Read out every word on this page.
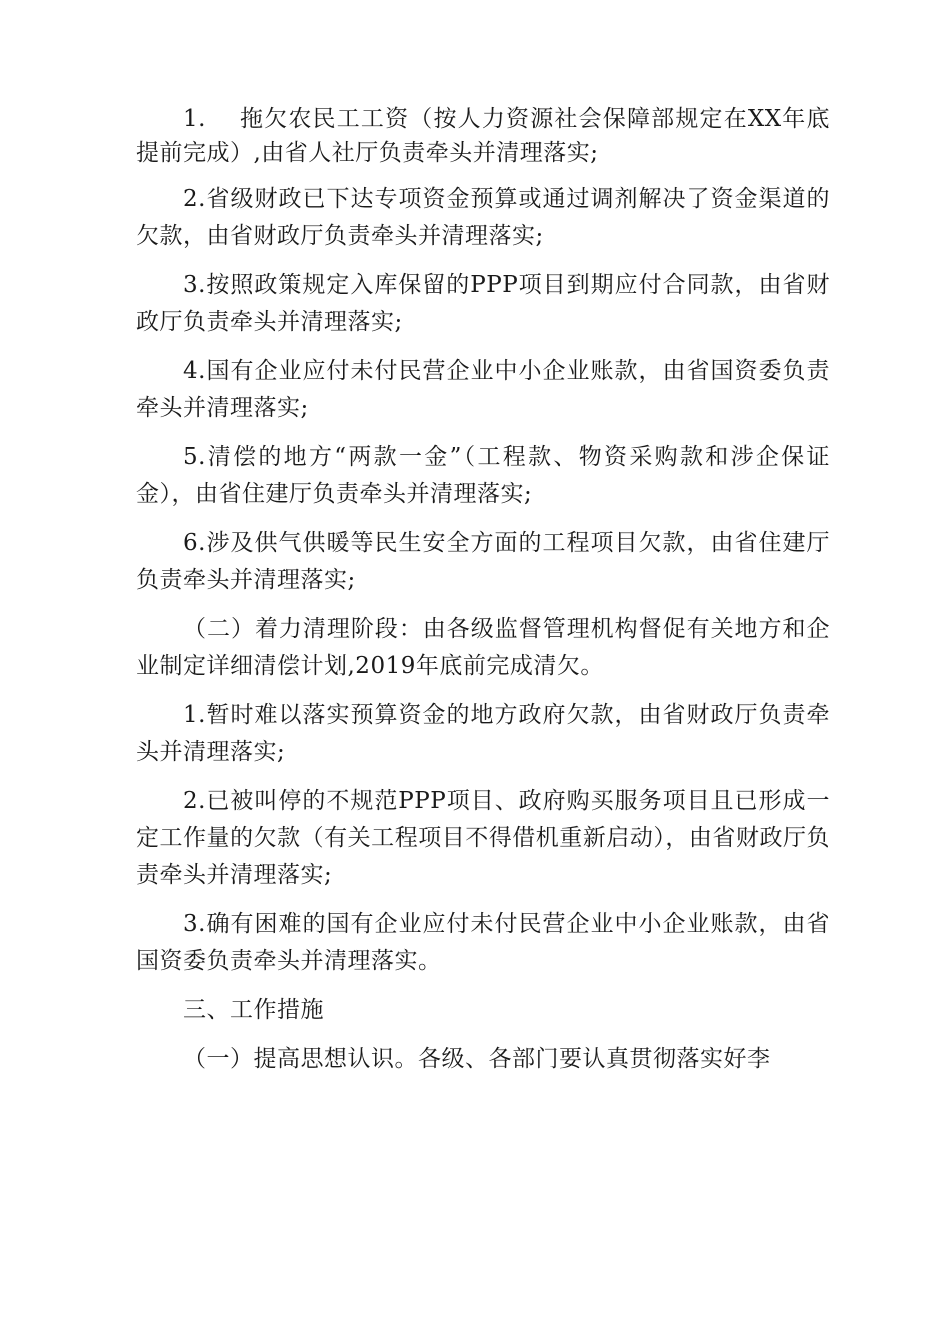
1.    拖欠农民工工资（按人力资源社会保障部规定在XX年底提前完成）,由省人社厅负责牵头并清理落实;

2.省级财政已下达专项资金预算或通过调剂解决了资金渠道的欠款，由省财政厅负责牵头并清理落实;

3.按照政策规定入库保留的PPP项目到期应付合同款，由省财政厅负责牵头并清理落实;

4.国有企业应付未付民营企业中小企业账款，由省国资委负责牵头并清理落实;

5.清偿的地方“两款一金”（工程款、物资采购款和涉企保证金），由省住建厅负责牵头并清理落实;

6.涉及供气供暖等民生安全方面的工程项目欠款，由省住建厅负责牵头并清理落实;

（二）着力清理阶段：由各级监督管理机构督促有关地方和企业制定详细清偿计划,2019年底前完成清欠。

1.暂时难以落实预算资金的地方政府欠款，由省财政厅负责牵头并清理落实;

2.已被叫停的不规范PPP项目、政府购买服务项目且已形成一定工作量的欠款（有关工程项目不得借机重新启动），由省财政厅负责牵头并清理落实;

3.确有困难的国有企业应付未付民营企业中小企业账款，由省国资委负责牵头并清理落实。

三、工作措施

（一）提高思想认识。各级、各部门要认真贯彻落实好李
